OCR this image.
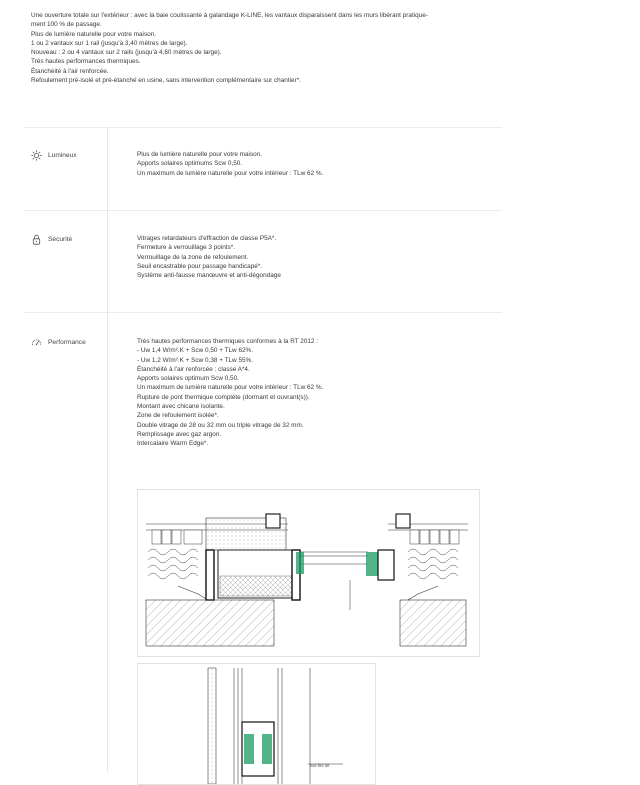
Une ouverture totale sur l'extérieur : avec la baie coulissante à galandage K-LINE, les vantaux disparaissent dans les murs libérant pratique-

ment 100 % de passage.

Plus de lumière naturelle pour votre maison.

1 ou 2 vantaux sur 1 rail (jusqu'à 3,40 mètres de large).

Nouveau : 2 ou 4 vantaux sur 2 rails (jusqu'à 4,60 mètres de large).

Très hautes performances thermiques.

Étanchéité à l'air renforcée.

Refoulement pré-isolé et pré-étanché en usine, sans intervention complémentaire sur chantier*.

Lumineux	Plus de lumière naturelle pour votre maison.

Apports solaires optimums Scw 0,50.

Un maximum de lumière naturelle pour votre intérieur : TLw 62 %.

Sécurité	Vitrages retardateurs d'effraction de classe P5A*.

Fermeture à verrouillage 3 points*.

Verrouillage de la zone de refoulement.

Seuil encastrable pour passage handicapé*.

Système anti-fausse manœuvre et anti-dégondage

Performance	Très hautes performances thermiques conformes à la RT 2012 :

- Uw 1,4 W/m².K + Scw 0,50 + TLw 62%.

- Uw 1,2 W/m².K + Scw 0,38 + TLw 55%.

Étanchéité à l'air renforcée : classe A*4.

Apports solaires optimum Scw 0,50.

Un maximum de lumière naturelle pour votre intérieur : TLw 62 %.

Rupture de pont thermique complète (dormant et ouvrant(s)).

Montant avec chicane isolante.

Zone de refoulement isolée*.

Double vitrage de 28 ou 32 mm ou triple vitrage de 32 mm.

Remplissage avec gaz argon.

Intercalaire Warm Edge*.

Sol fini int
